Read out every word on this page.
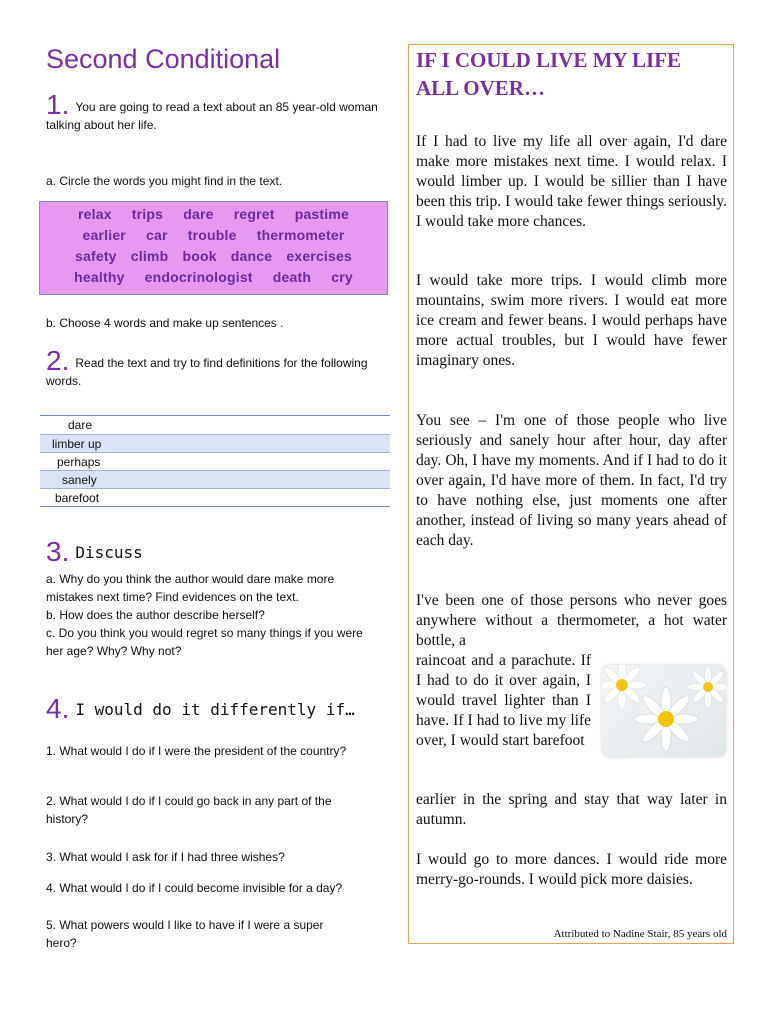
Second Conditional
1. You are going to read a text about an 85 year-old woman talking about her life.
a. Circle the words you might find in the text.
relax trips dare regret pastime
earlier car trouble thermometer
safety climb book dance exercises
healthy endocrinologist death cry
b. Choose 4 words and make up sentences .
2. Read the text and try to find definitions for the following words.
dare
limber up
perhaps
sanely
barefoot
3. Discuss
a. Why do you think the author would dare make more mistakes next time? Find evidences on the text.
b. How does the author describe herself?
c. Do you think you would regret so many things if you were her age? Why? Why not?
4. I would do it differently if…
1. What would I do if I were the president of the country?
2. What would I do if I could go back in any part of the history?
3. What would I ask for if I had three wishes?
4. What would I do if I could become invisible for a day?
5. What powers would I like to have if I were a super hero?
IF I COULD LIVE MY LIFE ALL OVER…
If I had to live my life all over again, I'd dare make more mistakes next time. I would relax. I would limber up. I would be sillier than I have been this trip. I would take fewer things seriously. I would take more chances.
I would take more trips. I would climb more mountains, swim more rivers. I would eat more ice cream and fewer beans. I would perhaps have more actual troubles, but I would have fewer imaginary ones.
You see – I'm one of those people who live seriously and sanely hour after hour, day after day. Oh, I have my moments. And if I had to do it over again, I'd have more of them. In fact, I'd try to have nothing else, just moments one after another, instead of living so many years ahead of each day.
I've been one of those persons who never goes anywhere without a thermometer, a hot water bottle, a
raincoat and a parachute. If I had to do it over again, I would travel lighter than I have. If I had to live my life over, I would start barefoot
earlier in the spring and stay that way later in autumn.
I would go to more dances. I would ride more merry-go-rounds. I would pick more daisies.
Attributed to Nadine Stair, 85 years old
